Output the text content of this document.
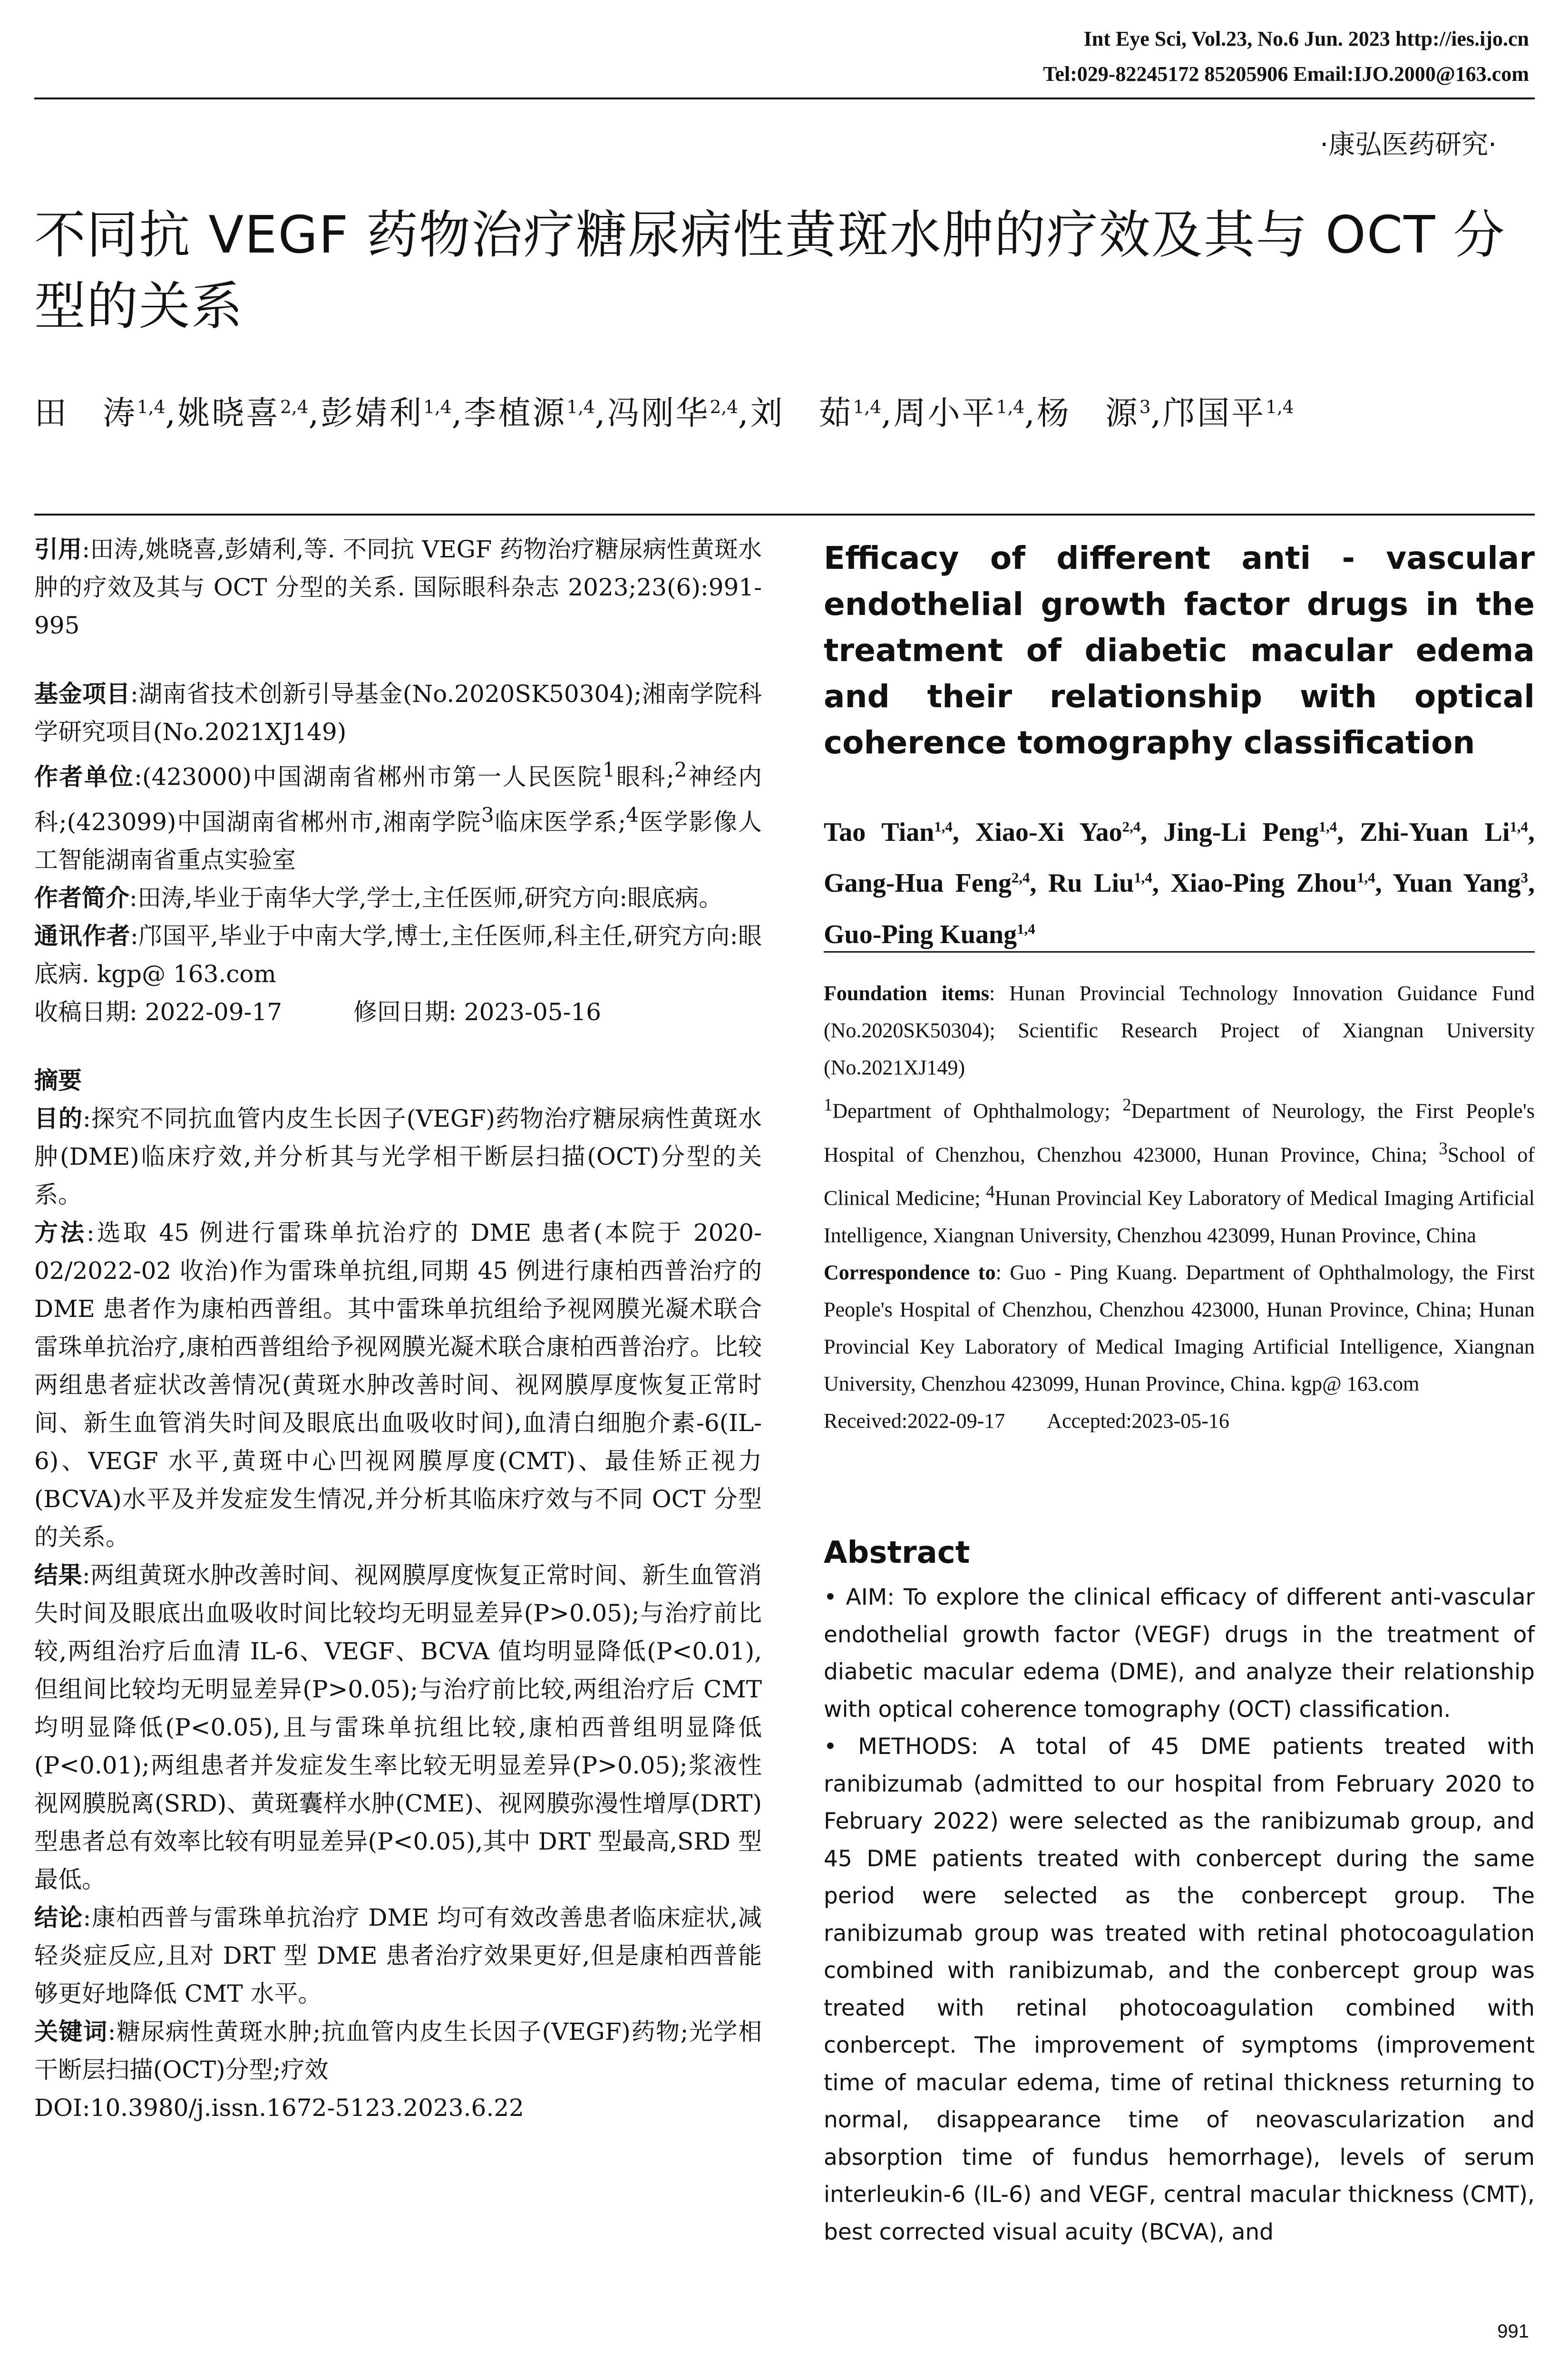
Int Eye Sci, Vol.23, No.6 Jun. 2023 http://ies.ijo.cn
Tel:029-82245172 85205906 Email:IJO.2000@163.com
·康弘医药研究·
不同抗 VEGF 药物治疗糖尿病性黄斑水肿的疗效及其与 OCT 分型的关系
田　涛$^{1,4}$,姚晓喜$^{2,4}$,彭婧利$^{1,4}$,李植源$^{1,4}$,冯刚华$^{2,4}$,刘　茹$^{1,4}$,周小平$^{1,4}$,杨　源$^3$,邝国平$^{1,4}$

引用:田涛,姚晓喜,彭婧利,等. 不同抗 VEGF 药物治疗糖尿病性黄斑水肿的疗效及其与 OCT 分型的关系. 国际眼科杂志 2023;23(6):991-995

基金项目:湖南省技术创新引导基金(No.2020SK50304);湘南学院科学研究项目(No.2021XJ149)

作者单位:(423000)中国湖南省郴州市第一人民医院$^1$眼科;$^2$神经内科;(423099)中国湖南省郴州市,湘南学院$^3$临床医学系;$^4$医学影像人工智能湖南省重点实验室

作者简介:田涛,毕业于南华大学,学士,主任医师,研究方向:眼底病。

通讯作者:邝国平,毕业于中南大学,博士,主任医师,科主任,研究方向:眼底病. kgp@ 163.com

收稿日期: 2022-09-17　　　修回日期: 2023-05-16

摘要

目的:探究不同抗血管内皮生长因子(VEGF)药物治疗糖尿病性黄斑水肿(DME)临床疗效,并分析其与光学相干断层扫描(OCT)分型的关系。

方法:选取 45 例进行雷珠单抗治疗的 DME 患者(本院于 2020-02/2022-02 收治)作为雷珠单抗组,同期 45 例进行康柏西普治疗的 DME 患者作为康柏西普组。其中雷珠单抗组给予视网膜光凝术联合雷珠单抗治疗,康柏西普组给予视网膜光凝术联合康柏西普治疗。比较两组患者症状改善情况(黄斑水肿改善时间、视网膜厚度恢复正常时间、新生血管消失时间及眼底出血吸收时间),血清白细胞介素-6(IL-6)、VEGF 水平,黄斑中心凹视网膜厚度(CMT)、最佳矫正视力(BCVA)水平及并发症发生情况,并分析其临床疗效与不同 OCT 分型的关系。

结果:两组黄斑水肿改善时间、视网膜厚度恢复正常时间、新生血管消失时间及眼底出血吸收时间比较均无明显差异(P>0.05);与治疗前比较,两组治疗后血清 IL-6、VEGF、BCVA 值均明显降低(P<0.01),但组间比较均无明显差异(P>0.05);与治疗前比较,两组治疗后 CMT 均明显降低(P<0.05),且与雷珠单抗组比较,康柏西普组明显降低(P<0.01);两组患者并发症发生率比较无明显差异(P>0.05);浆液性视网膜脱离(SRD)、黄斑囊样水肿(CME)、视网膜弥漫性增厚(DRT)型患者总有效率比较有明显差异(P<0.05),其中 DRT 型最高,SRD 型最低。

结论:康柏西普与雷珠单抗治疗 DME 均可有效改善患者临床症状,减轻炎症反应,且对 DRT 型 DME 患者治疗效果更好,但是康柏西普能够更好地降低 CMT 水平。

关键词:糖尿病性黄斑水肿;抗血管内皮生长因子(VEGF)药物;光学相干断层扫描(OCT)分型;疗效

DOI:10.3980/j.issn.1672-5123.2023.6.22

Efficacy of different anti - vascular endothelial growth factor drugs in the treatment of diabetic macular edema and their relationship with optical coherence tomography classification
Tao Tian$^{1,4}$, Xiao-Xi Yao$^{2,4}$, Jing-Li Peng$^{1,4}$, Zhi-Yuan Li$^{1,4}$, Gang-Hua Feng$^{2,4}$, Ru Liu$^{1,4}$, Xiao-Ping Zhou$^{1,4}$, Yuan Yang$^3$, Guo-Ping Kuang$^{1,4}$

Foundation items: Hunan Provincial Technology Innovation Guidance Fund (No.2020SK50304); Scientific Research Project of Xiangnan University (No.2021XJ149)

$^1$Department of Ophthalmology; $^2$Department of Neurology, the First People's Hospital of Chenzhou, Chenzhou 423000, Hunan Province, China; $^3$School of Clinical Medicine; $^4$Hunan Provincial Key Laboratory of Medical Imaging Artificial Intelligence, Xiangnan University, Chenzhou 423099, Hunan Province, China

Correspondence to: Guo - Ping Kuang. Department of Ophthalmology, the First People's Hospital of Chenzhou, Chenzhou 423000, Hunan Province, China; Hunan Provincial Key Laboratory of Medical Imaging Artificial Intelligence, Xiangnan University, Chenzhou 423099, Hunan Province, China. kgp@ 163.com

Received:2022-09-17　　Accepted:2023-05-16

Abstract

• AIM: To explore the clinical efficacy of different anti-vascular endothelial growth factor (VEGF) drugs in the treatment of diabetic macular edema (DME), and analyze their relationship with optical coherence tomography (OCT) classification.

• METHODS: A total of 45 DME patients treated with ranibizumab (admitted to our hospital from February 2020 to February 2022) were selected as the ranibizumab group, and 45 DME patients treated with conbercept during the same period were selected as the conbercept group. The ranibizumab group was treated with retinal photocoagulation combined with ranibizumab, and the conbercept group was treated with retinal photocoagulation combined with conbercept. The improvement of symptoms (improvement time of macular edema, time of retinal thickness returning to normal, disappearance time of neovascularization and absorption time of fundus hemorrhage), levels of serum interleukin-6 (IL-6) and VEGF, central macular thickness (CMT), best corrected visual acuity (BCVA), and

991
